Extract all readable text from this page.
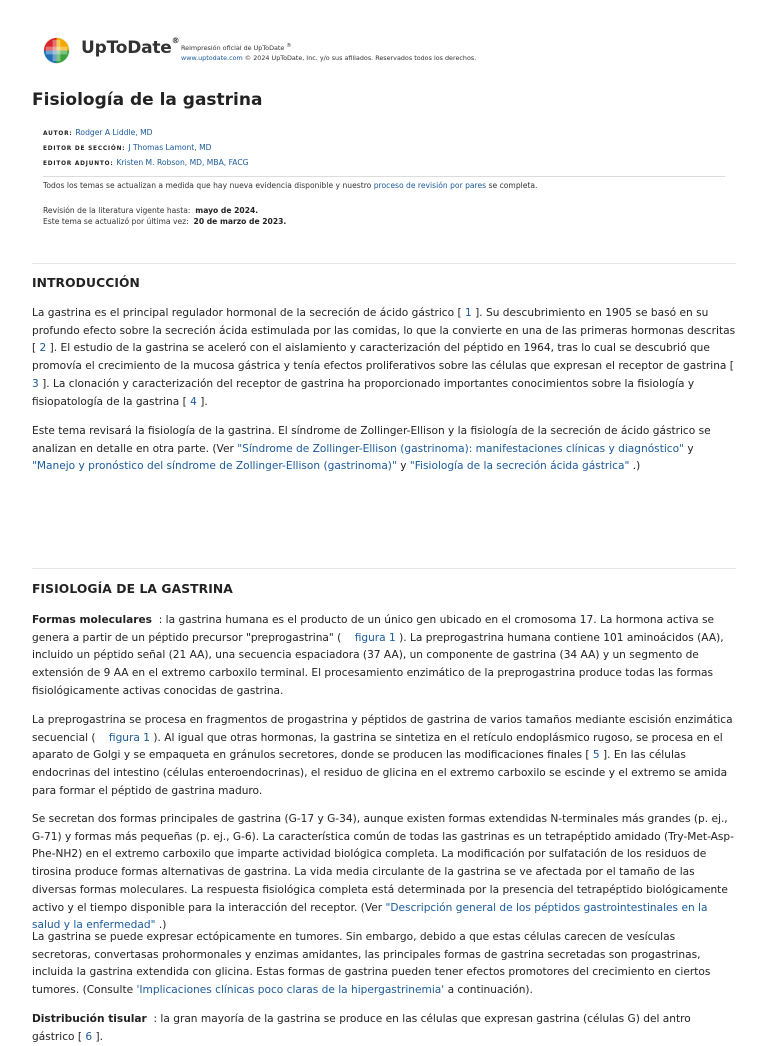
UpToDate®
Reimpresión oficial de UpToDate ®
www.uptodate.com © 2024 UpToDate, Inc. y/o sus afiliados. Reservados todos los derechos.
Fisiología de la gastrina
AUTOR: Rodger A Liddle, MD
EDITOR DE SECCIÓN: J Thomas Lamont, MD
EDITOR ADJUNTO: Kristen M. Robson, MD, MBA, FACG
Todos los temas se actualizan a medida que hay nueva evidencia disponible y nuestro proceso de revisión por pares se completa.
Revisión de la literatura vigente hasta: mayo de 2024.
Este tema se actualizó por última vez: 20 de marzo de 2023.
INTRODUCCIÓN

La gastrina es el principal regulador hormonal de la secreción de ácido gástrico [ 1 ]. Su descubrimiento en 1905 se basó en su profundo efecto sobre la secreción ácida estimulada por las comidas, lo que la convierte en una de las primeras hormonas descritas [ 2 ]. El estudio de la gastrina se aceleró con el aislamiento y caracterización del péptido en 1964, tras lo cual se descubrió que promovía el crecimiento de la mucosa gástrica y tenía efectos proliferativos sobre las células que expresan el receptor de gastrina [ 3 ]. La clonación y caracterización del receptor de gastrina ha proporcionado importantes conocimientos sobre la fisiología y fisiopatología de la gastrina [ 4 ].

Este tema revisará la fisiología de la gastrina. El síndrome de Zollinger-Ellison y la fisiología de la secreción de ácido gástrico se analizan en detalle en otra parte. (Ver "Síndrome de Zollinger-Ellison (gastrinoma): manifestaciones clínicas y diagnóstico" y "Manejo y pronóstico del síndrome de Zollinger-Ellison (gastrinoma)" y "Fisiología de la secreción ácida gástrica" .)

FISIOLOGÍA DE LA GASTRINA

Formas moleculares : la gastrina humana es el producto de un único gen ubicado en el cromosoma 17. La hormona activa se genera a partir de un péptido precursor "preprogastrina" ( figura 1 ). La preprogastrina humana contiene 101 aminoácidos (AA), incluido un péptido señal (21 AA), una secuencia espaciadora (37 AA), un componente de gastrina (34 AA) y un segmento de extensión de 9 AA en el extremo carboxilo terminal. El procesamiento enzimático de la preprogastrina produce todas las formas fisiológicamente activas conocidas de gastrina.

La preprogastrina se procesa en fragmentos de progastrina y péptidos de gastrina de varios tamaños mediante escisión enzimática secuencial ( figura 1 ). Al igual que otras hormonas, la gastrina se sintetiza en el retículo endoplásmico rugoso, se procesa en el aparato de Golgi y se empaqueta en gránulos secretores, donde se producen las modificaciones finales [ 5 ]. En las células endocrinas del intestino (células enteroendocrinas), el residuo de glicina en el extremo carboxilo se escinde y el extremo se amida para formar el péptido de gastrina maduro.

Se secretan dos formas principales de gastrina (G-17 y G-34), aunque existen formas extendidas N-terminales más grandes (p. ej., G-71) y formas más pequeñas (p. ej., G-6). La característica común de todas las gastrinas es un tetrapéptido amidado (Try-Met-Asp-Phe-NH2) en el extremo carboxilo que imparte actividad biológica completa. La modificación por sulfatación de los residuos de tirosina produce formas alternativas de gastrina. La vida media circulante de la gastrina se ve afectada por el tamaño de las diversas formas moleculares. La respuesta fisiológica completa está determinada por la presencia del tetrapéptido biológicamente activo y el tiempo disponible para la interacción del receptor. (Ver "Descripción general de los péptidos gastrointestinales en la salud y la enfermedad" .)

La gastrina se puede expresar ectópicamente en tumores. Sin embargo, debido a que estas células carecen de vesículas secretoras, convertasas prohormonales y enzimas amidantes, las principales formas de gastrina secretadas son progastrinas, incluida la gastrina extendida con glicina. Estas formas de gastrina pueden tener efectos promotores del crecimiento en ciertos tumores. (Consulte 'Implicaciones clínicas poco claras de la hipergastrinemia' a continuación).

Distribución tisular : la gran mayoría de la gastrina se produce en las células que expresan gastrina (células G) del antro gástrico [ 6 ].
